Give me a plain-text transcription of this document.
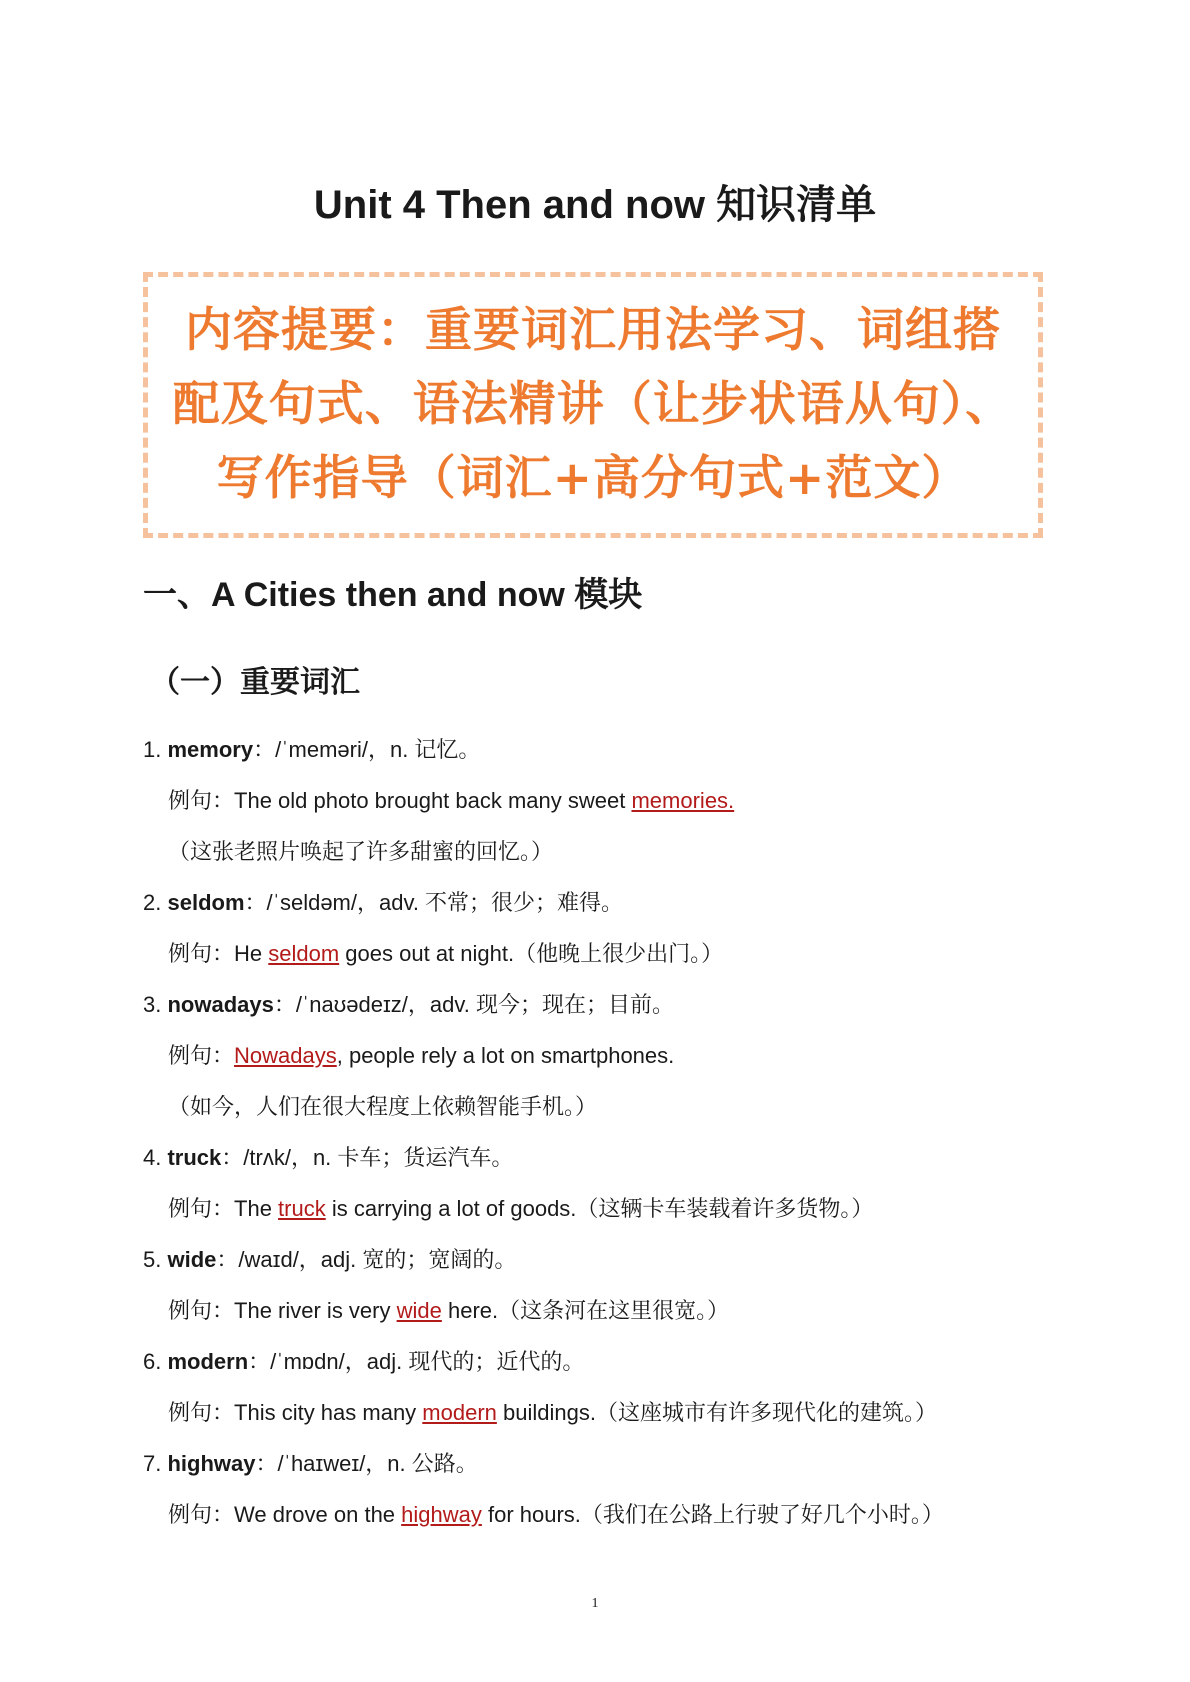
Unit 4 Then and now 知识清单
内容提要：重要词汇用法学习、词组搭配及句式、语法精讲（让步状语从句）、写作指导（词汇+高分句式+范文）
一、A Cities then and now 模块
（一）重要词汇
1. memory：/ˈmeməri/，n. 记忆。
例句：The old photo brought back many sweet memories.
（这张老照片唤起了许多甜蜜的回忆。）
2. seldom：/ˈseldəm/，adv. 不常；很少；难得。
例句：He seldom goes out at night.（他晚上很少出门。）
3. nowadays：/ˈnaʊədeɪz/，adv. 现今；现在；目前。
例句：Nowadays, people rely a lot on smartphones.
（如今，人们在很大程度上依赖智能手机。）
4. truck：/trʌk/，n. 卡车；货运汽车。
例句：The truck is carrying a lot of goods.（这辆卡车装载着许多货物。）
5. wide：/waɪd/，adj. 宽的；宽阔的。
例句：The river is very wide here.（这条河在这里很宽。）
6. modern：/ˈmɒdn/，adj. 现代的；近代的。
例句：This city has many modern buildings.（这座城市有许多现代化的建筑。）
7. highway：/ˈhaɪweɪ/，n. 公路。
例句：We drove on the highway for hours.（我们在公路上行驶了好几个小时。）
1
